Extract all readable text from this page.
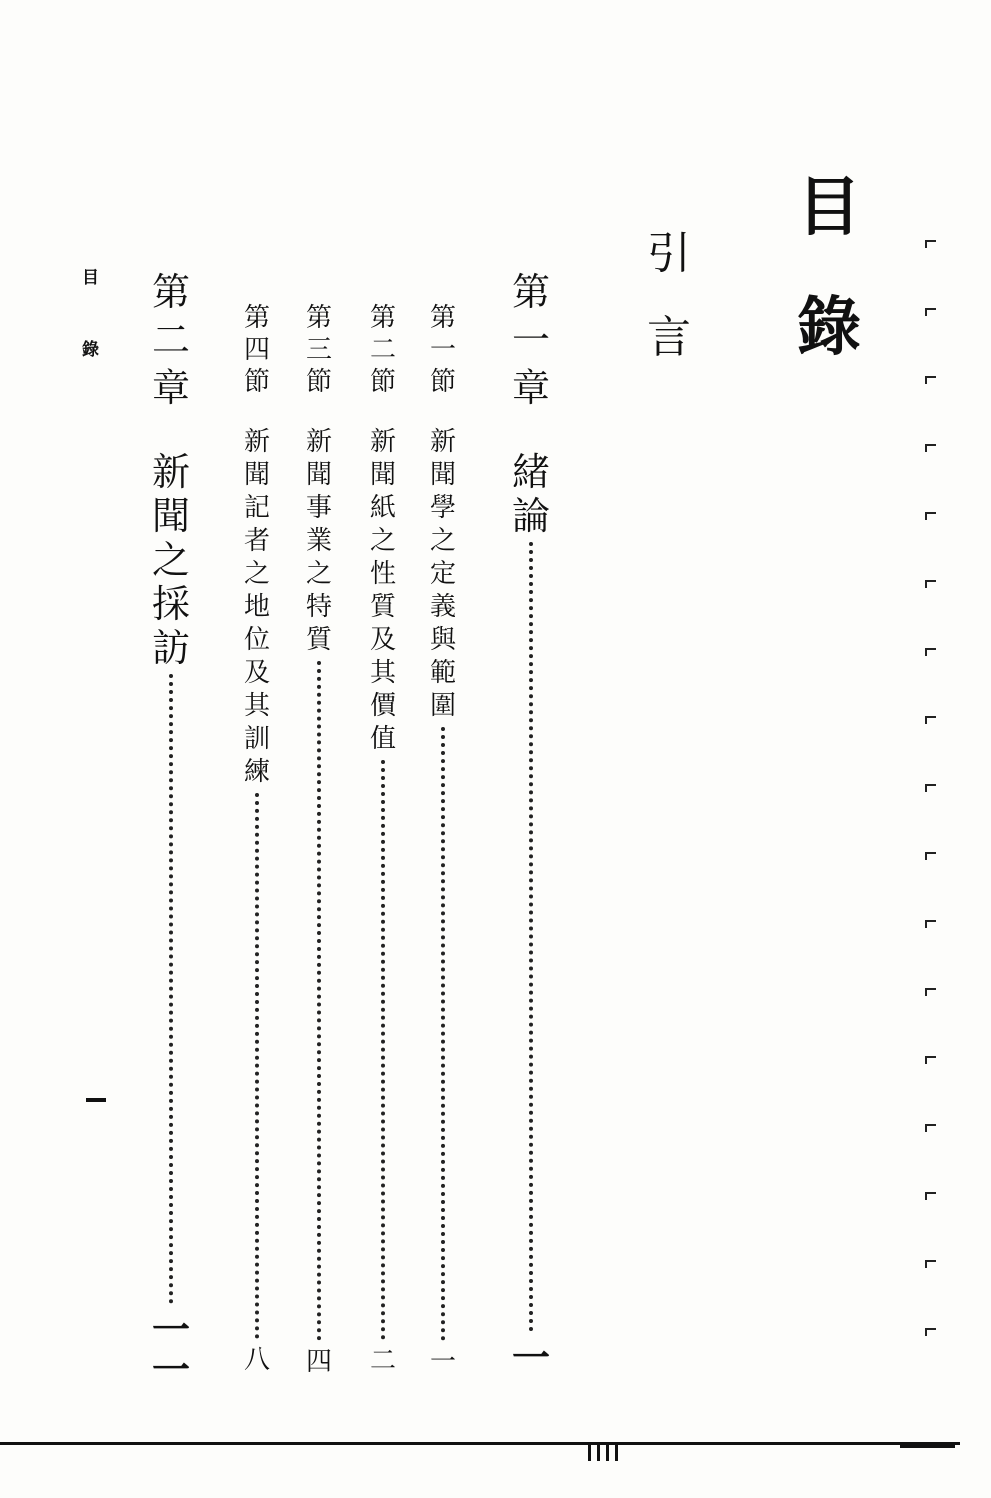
目
錄
引
言
第
一
章
緒
論
一
第
一
節
新
聞
學
之
定
義
與
範
圍
一
第
二
節
新
聞
紙
之
性
質
及
其
價
值
二
第
三
節
新
聞
事
業
之
特
質
四
第
四
節
新
聞
記
者
之
地
位
及
其
訓
練
八
第
二
章
新
聞
之
採
訪
一
一
目
錄
